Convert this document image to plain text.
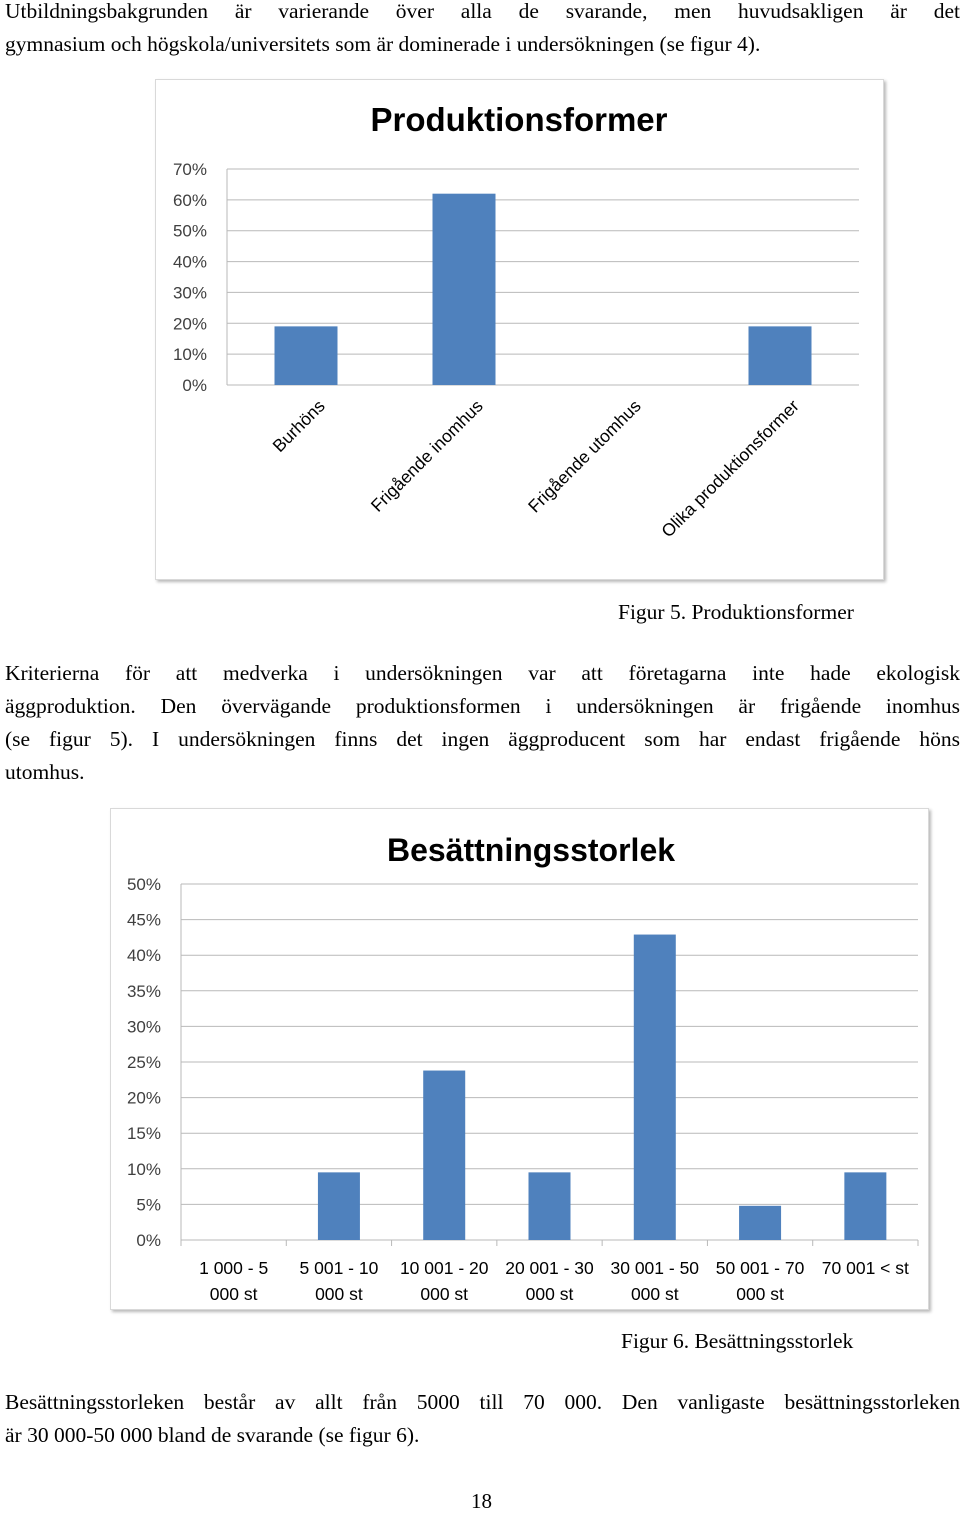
Utbildningsbakgrunden är varierande över alla de svarande, men huvudsakligen är det
gymnasium och högskola/universitets som är dominerade i undersökningen (se figur 4).
Produktionsformer
0%
10%
20%
30%
40%
50%
60%
70%
Burhöns Frigående inomhus Frigående utomhus Olika produktionsformer
Figur 5. Produktionsformer
Kriterierna för att medverka i undersökningen var att företagarna inte hade ekologisk
äggproduktion. Den övervägande produktionsformen i undersökningen är frigående inomhus
(se figur 5). I undersökningen finns det ingen äggproducent som har endast frigående höns
utomhus.
Besättningsstorlek
0%
5%
10%
15%
20%
25%
30%
35%
40%
45%
50%
1 000 - 5
000 st
5 001 - 10
000 st
10 001 - 20
000 st
20 001 - 30
000 st
30 001 - 50
000 st
50 001 - 70
000 st
70 001 < st
Figur 6. Besättningsstorlek
Besättningsstorleken består av allt från 5000 till 70 000. Den vanligaste besättningsstorleken
är 30 000-50 000 bland de svarande (se figur 6).
18
